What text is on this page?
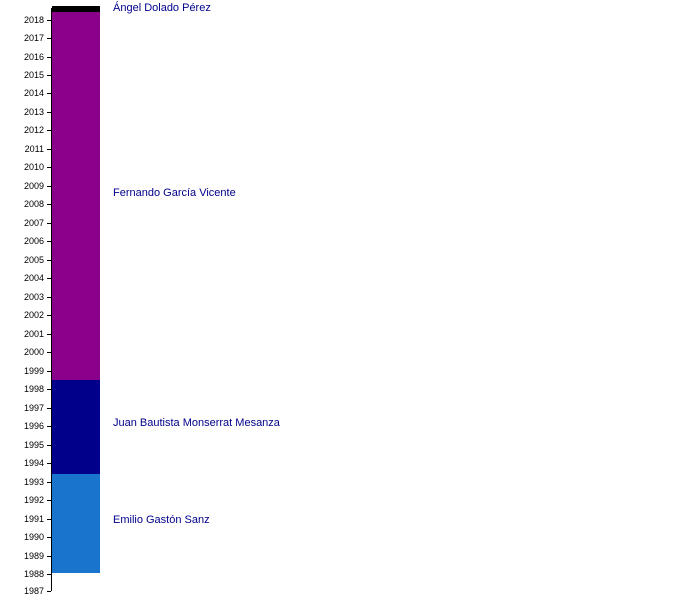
2018
2017
2016
2015
2014
2013
2012
2011
2010
2009
2008
2007
2006
2005
2004
2003
2002
2001
2000
1999
1998
1997
1996
1995
1994
1993
1992
1991
1990
1989
1988
1987
Ángel Dolado Pérez
Fernando García Vicente
Juan Bautista Monserrat Mesanza
Emilio Gastón Sanz
